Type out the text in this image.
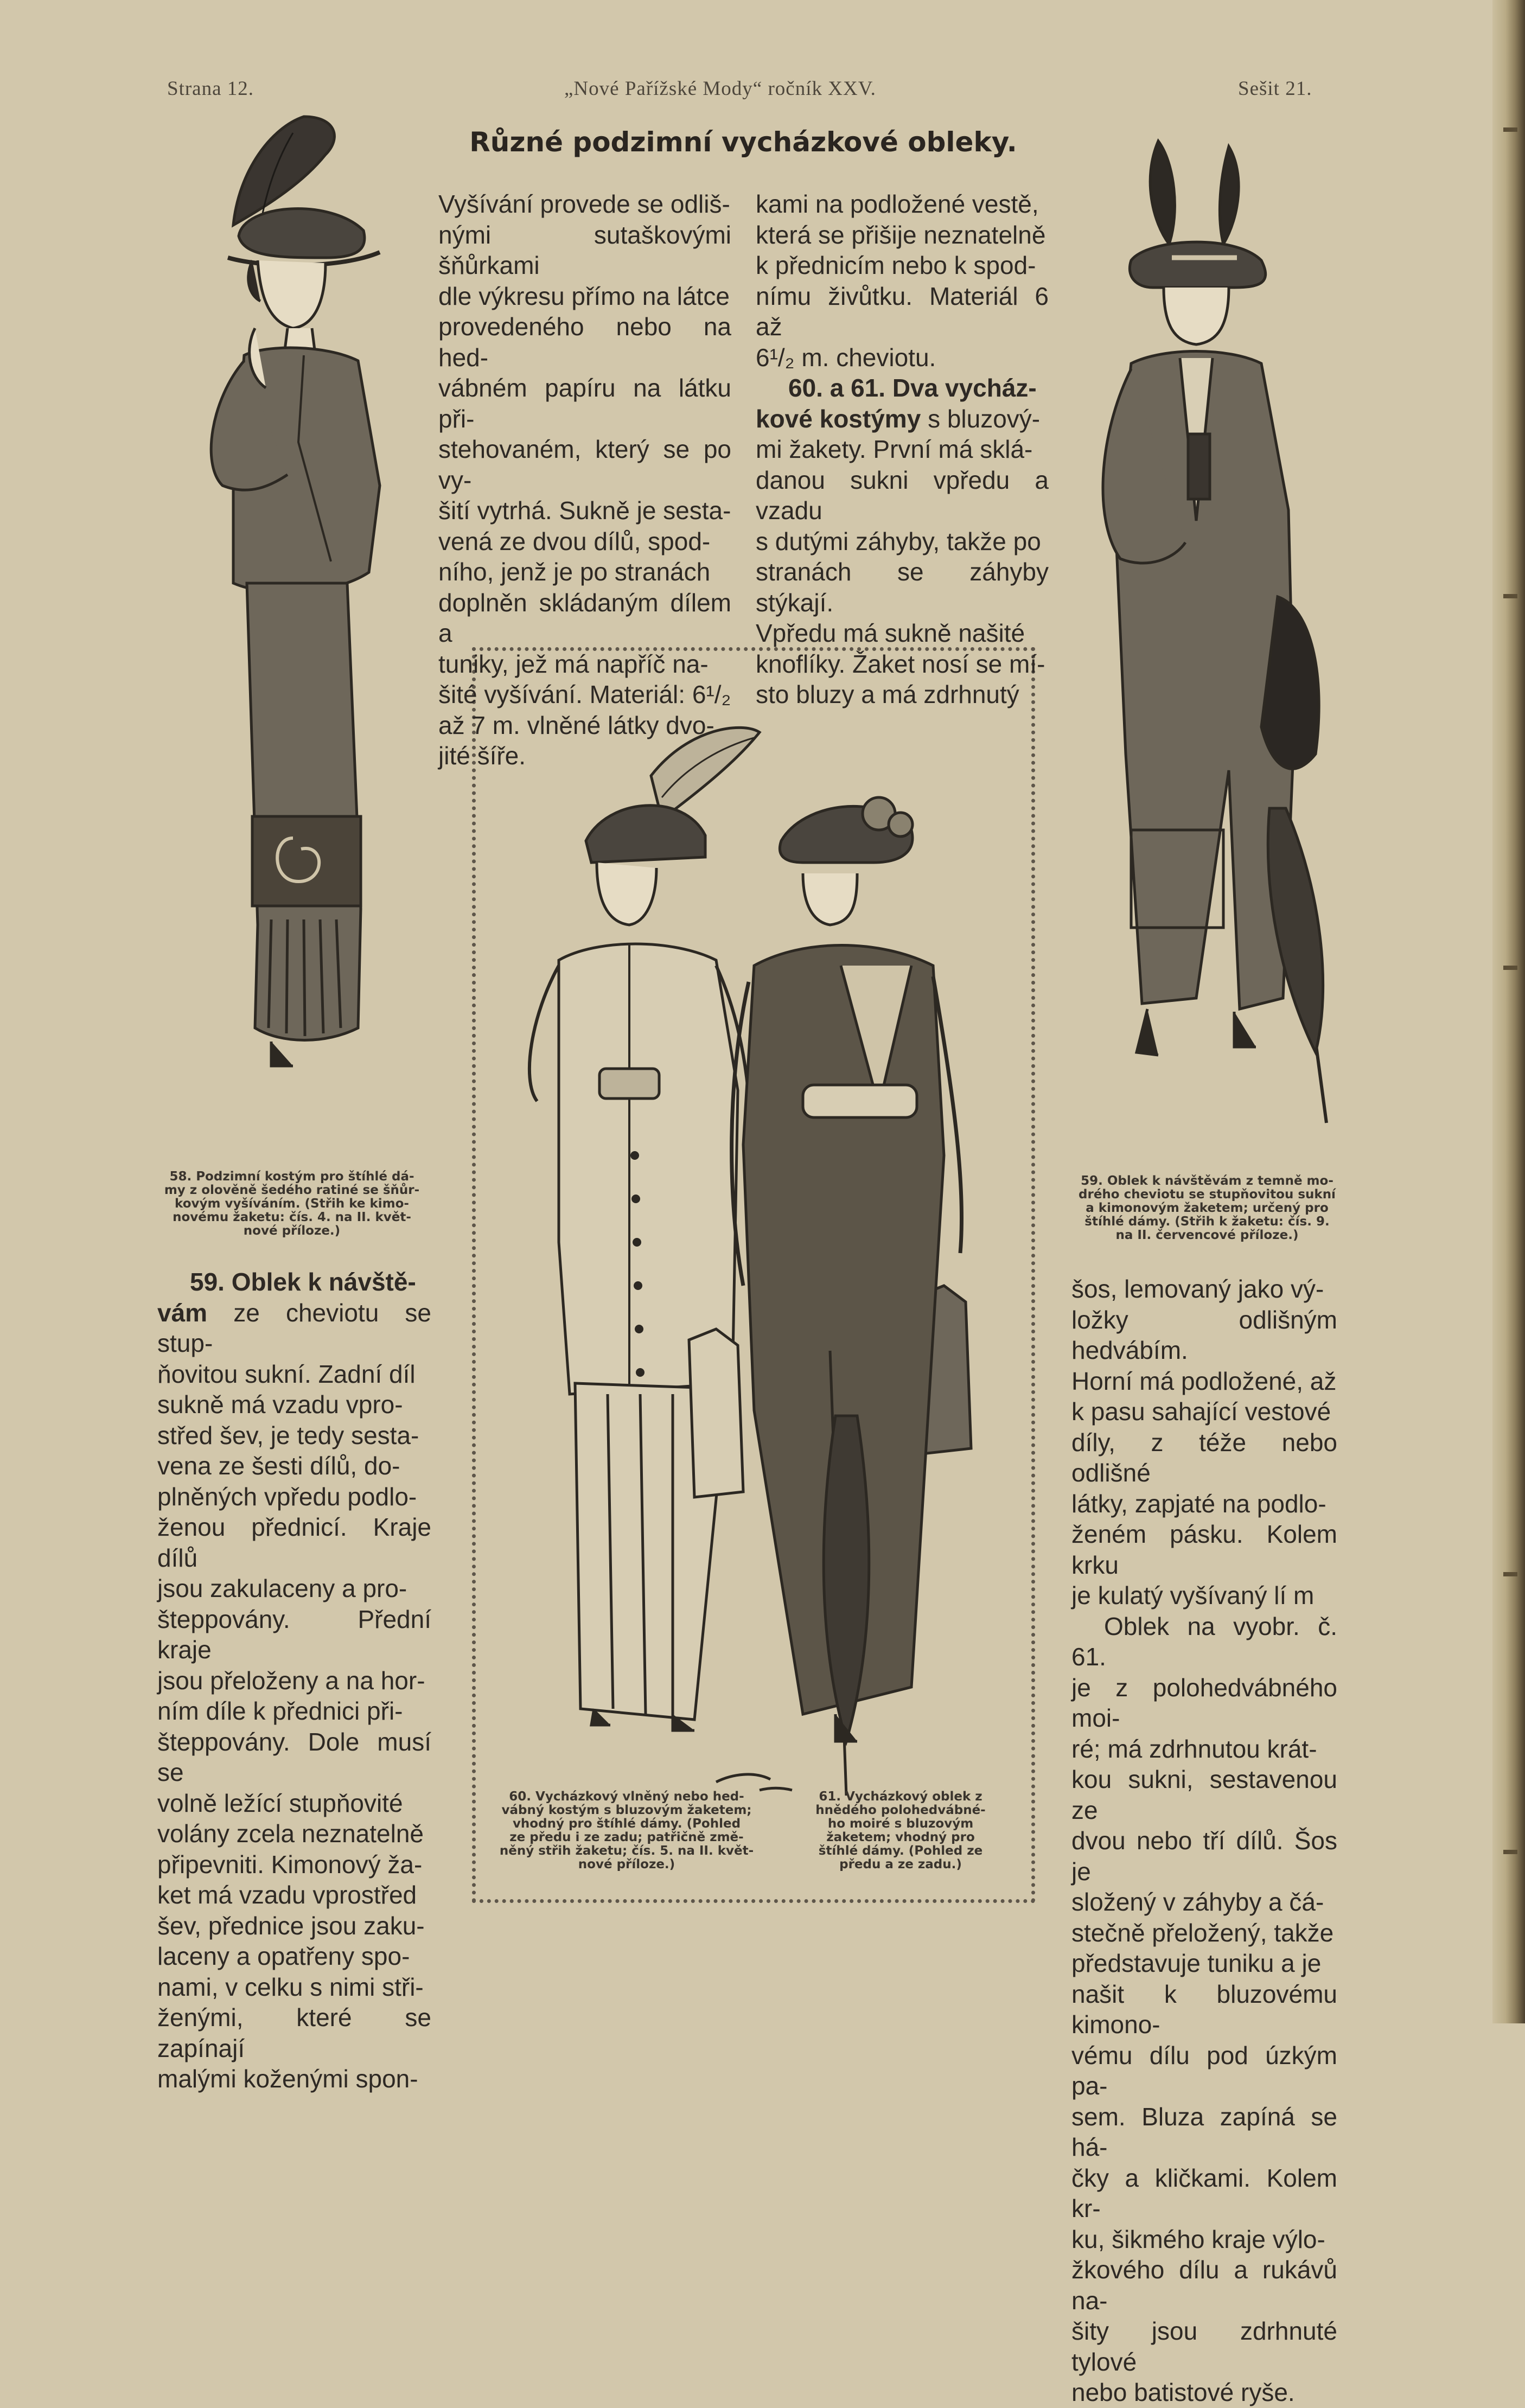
Strana 12.	„Nové Pařížské Mody“ ročník XXV.	Sešit 21.
Různé podzimní vycházkové obleky.

Vyšívání provede se odliš-

nými sutaškovými šňůrkami

dle výkresu přímo na látce

provedeného nebo na hed-

vábném papíru na látku při-

stehovaném, který se po vy-

šití vytrhá. Sukně je sesta-

vená ze dvou dílů, spod-

ního, jenž je po stranách

doplněn skládaným dílem a

tuniky, jež má napříč na-

šité vyšívání. Materiál: 6¹/₂

až 7 m. vlněné látky dvo-

jité šíře.

kami na podložené vestě,

která se přišije neznatelně

k přednicím nebo k spod-

nímu živůtku. Materiál 6 až

6¹/₂ m. cheviotu.

60. a 61. Dva vycház-

kové kostýmy s bluzový-

mi žakety. První má sklá-

danou sukni vpředu a vzadu

s dutými záhyby, takže po

stranách se záhyby stýkají.

Vpředu má sukně našité

knoflíky. Žaket nosí se mí-

sto bluzy a má zdrhnutý

58. Podzimní kostým pro štíhlé dá-
my z olověně šedého ratiné se šňůr-
kovým vyšíváním. (Střih ke kimo-
novému žaketu: čís. 4. na II. květ-
nové příloze.)
59. Oblek k návštěvám z temně mo-
drého cheviotu se stupňovitou sukní
a kimonovým žaketem; určený pro
štíhlé dámy. (Střih k žaketu: čís. 9.
na II. červencové příloze.)

59. Oblek k návště-

vám ze cheviotu se stup-

ňovitou sukní. Zadní díl

sukně má vzadu vpro-

střed šev, je tedy sesta-

vena ze šesti dílů, do-

plněných vpředu podlo-

ženou přednicí. Kraje dílů

jsou zakulaceny a pro-

šteppovány. Přední kraje

jsou přeloženy a na hor-

ním díle k přednici při-

šteppovány. Dole musí se

volně ležící stupňovité

volány zcela neznatelně

připevniti. Kimonový ža-

ket má vzadu vprostřed

šev, přednice jsou zaku-

laceny a opatřeny spo-

nami, v celku s nimi stři-

ženými, které se zapínají

malými koženými spon-

šos, lemovaný jako vý-

ložky odlišným hedvábím.

Horní má podložené, až

k pasu sahající vestové

díly, z téže nebo odlišné

látky, zapjaté na podlo-

ženém pásku. Kolem krku

je kulatý vyšívaný lí m

Oblek na vyobr. č. 61.

je z polohedvábného moi-

ré; má zdrhnutou krát-

kou sukni, sestavenou ze

dvou nebo tří dílů. Šos je

složený v záhyby a čá-

stečně přeložený, takže

představuje tuniku a je

našit k bluzovému kimono-

vému dílu pod úzkým pa-

sem. Bluza zapíná se há-

čky a kličkami. Kolem kr-

ku, šikmého kraje výlo-

žkového dílu a rukávů na-

šity jsou zdrhnuté tylové

nebo batistové ryše.

60. Vycházkový vlněný nebo hed-
vábný kostým s bluzovým žaketem;
vhodný pro štíhlé dámy. (Pohled
ze předu i ze zadu; patřičně změ-
něný střih žaketu; čís. 5. na II. květ-
nové příloze.)
61. Vycházkový oblek z
hnědého polohedvábné-
ho moiré s bluzovým
žaketem; vhodný pro
štíhlé dámy. (Pohled ze
předu a ze zadu.)
